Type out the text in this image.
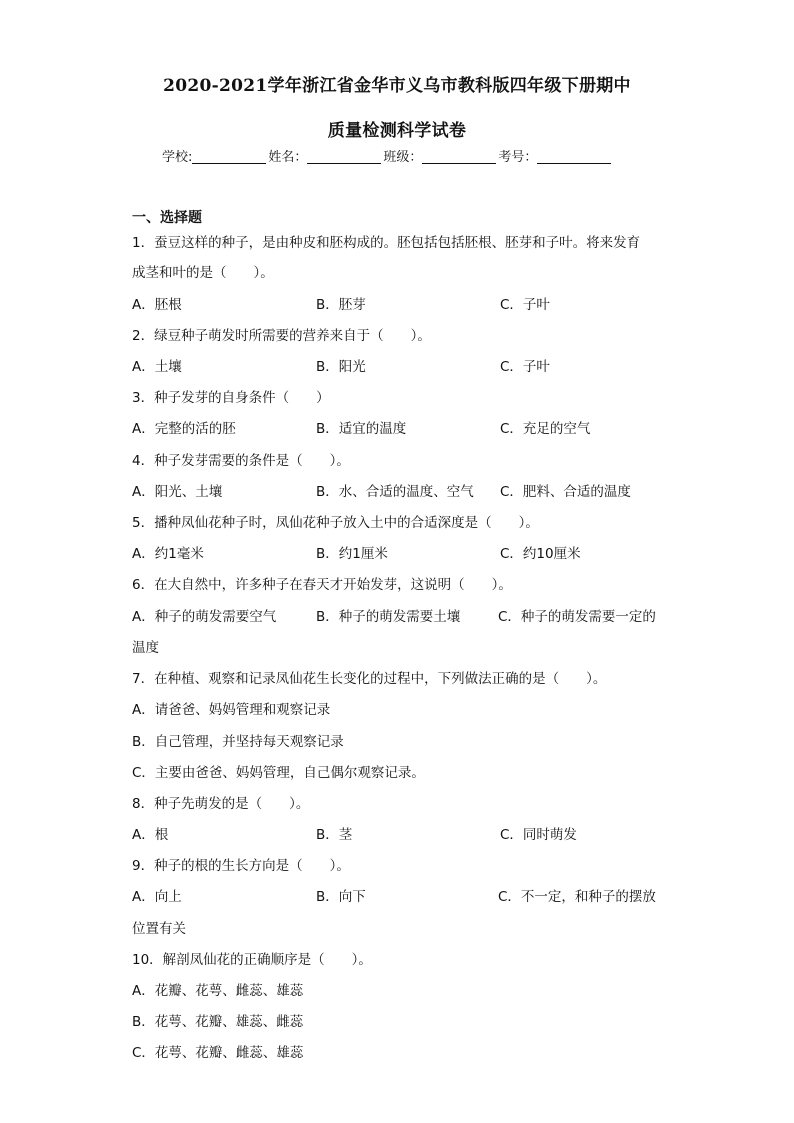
2020-2021学年浙江省金华市义乌市教科版四年级下册期中
质量检测科学试卷
学校:	姓名：	班级：	考号：
一、选择题
1．蚕豆这样的种子，是由种皮和胚构成的。胚包括包括胚根、胚芽和子叶。将来发育
成茎和叶的是（　　）。
A．胚根	B．胚芽	C．子叶
2．绿豆种子萌发时所需要的营养来自于（　　）。
A．土壤	B．阳光	C．子叶
3．种子发芽的自身条件（　　）
A．完整的活的胚	B．适宜的温度	C．充足的空气
4．种子发芽需要的条件是（　　）。
A．阳光、土壤	B．水、合适的温度、空气 C．肥料、合适的温度
5．播种凤仙花种子时，凤仙花种子放入土中的合适深度是（　　）。
A．约1毫米	B．约1厘米	C．约10厘米
6．在大自然中，许多种子在春天才开始发芽，这说明（　　）。
A．种子的萌发需要空气	B．种子的萌发需要土壤	C．种子的萌发需要一定的
温度
7．在种植、观察和记录凤仙花生长变化的过程中，下列做法正确的是（　　）。
A．请爸爸、妈妈管理和观察记录
B．自己管理，并坚持每天观察记录
C．主要由爸爸、妈妈管理，自己偶尔观察记录。
8．种子先萌发的是（　　）。
A．根	B．茎	C．同时萌发
9．种子的根的生长方向是（　　）。
A．向上	B．向下	C．不一定，和种子的摆放
位置有关
10．解剖凤仙花的正确顺序是（　　）。
A．花瓣、花萼、雌蕊、雄蕊
B．花萼、花瓣、雄蕊、雌蕊
C．花萼、花瓣、雌蕊、雄蕊
